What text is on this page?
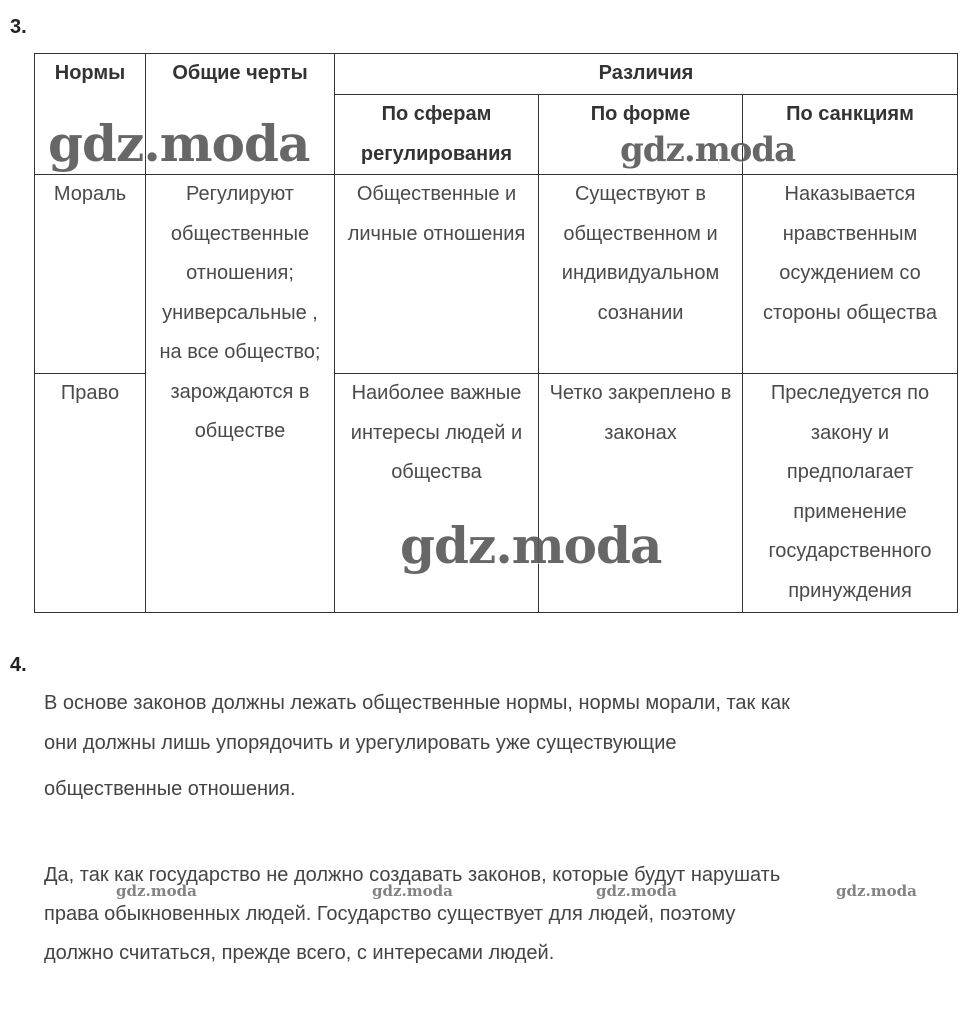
3.
Нормы	Общие черты	Различия		
		По сферам регулирования	По форме	По санкциям
Мораль	Регулируют общественные отношения; универсальные , на все общество; зарождаются в обществе	Общественные и личные отношения	Существуют в общественном и индивидуальном сознании	Наказывается нравственным осуждением со стороны общества
Право		Наиболее важные интересы людей и общества	Четко закреплено в законах	Преследуется по закону и предполагает применение государственного принуждения
4.

В основе законов должны лежать общественные нормы, нормы морали, так как

они должны лишь упорядочить и урегулировать уже существующие

общественные отношения.

Да, так как государство не должно создавать законов, которые будут нарушать

права обыкновенных людей. Государство существует для людей, поэтому

должно считаться, прежде всего, с интересами людей.

gdz.moda	gdz.moda
gdz.moda
gdz.moda	gdz.moda	gdz.moda	gdz.moda
